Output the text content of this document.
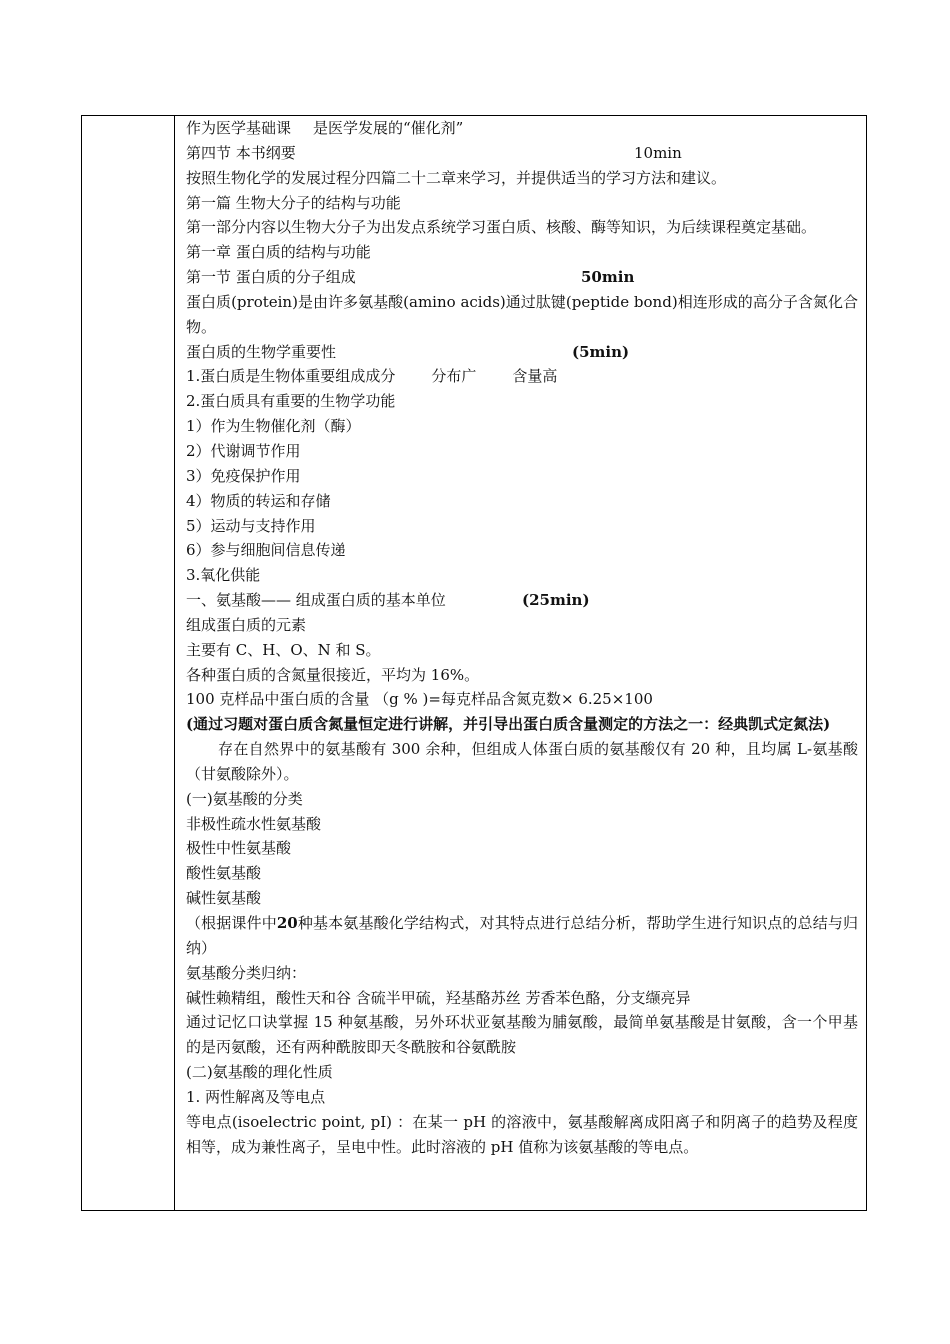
作为医学基础课 是医学发展的“催化剂”
第四节 本书纲要	10min
按照生物化学的发展过程分四篇二十二章来学习，并提供适当的学习方法和建议。
第一篇 生物大分子的结构与功能
第一部分内容以生物大分子为出发点系统学习蛋白质、核酸、酶等知识，为后续课程奠定基础。
第一章 蛋白质的结构与功能
第一节 蛋白质的分子组成	50min
蛋白质(protein)是由许多氨基酸(amino acids)通过肽键(peptide bond)相连形成的高分子含氮化合物。
蛋白质的生物学重要性	(5min)
1.蛋白质是生物体重要组成成分 分布广 含量高
2.蛋白质具有重要的生物学功能
1）作为生物催化剂（酶）
2）代谢调节作用
3）免疫保护作用
4）物质的转运和存储
5）运动与支持作用
6）参与细胞间信息传递
3.氧化供能
一、氨基酸—— 组成蛋白质的基本单位	(25min)
组成蛋白质的元素
主要有 C、H、O、N 和 S。
各种蛋白质的含氮量很接近，平均为 16%。
100 克样品中蛋白质的含量 （g % )=每克样品含氮克数× 6.25×100
(通过习题对蛋白质含氮量恒定进行讲解，并引导出蛋白质含量测定的方法之一：经典凯式定氮法)
存在自然界中的氨基酸有 300 余种，但组成人体蛋白质的氨基酸仅有 20 种，且均属 L-氨基酸（甘氨酸除外）。
(一)氨基酸的分类
非极性疏水性氨基酸
极性中性氨基酸
酸性氨基酸
碱性氨基酸
（根据课件中20种基本氨基酸化学结构式，对其特点进行总结分析，帮助学生进行知识点的总结与归纳）
氨基酸分类归纳：
碱性赖精组，酸性天和谷 含硫半甲硫，羟基酪苏丝 芳香苯色酪，分支缬亮异
通过记忆口诀掌握 15 种氨基酸，另外环状亚氨基酸为脯氨酸，最简单氨基酸是甘氨酸，含一个甲基的是丙氨酸，还有两种酰胺即天冬酰胺和谷氨酰胺
(二)氨基酸的理化性质
1. 两性解离及等电点
等电点(isoelectric point, pI) ：在某一 pH 的溶液中，氨基酸解离成阳离子和阴离子的趋势及程度相等，成为兼性离子，呈电中性。此时溶液的 pH 值称为该氨基酸的等电点。
